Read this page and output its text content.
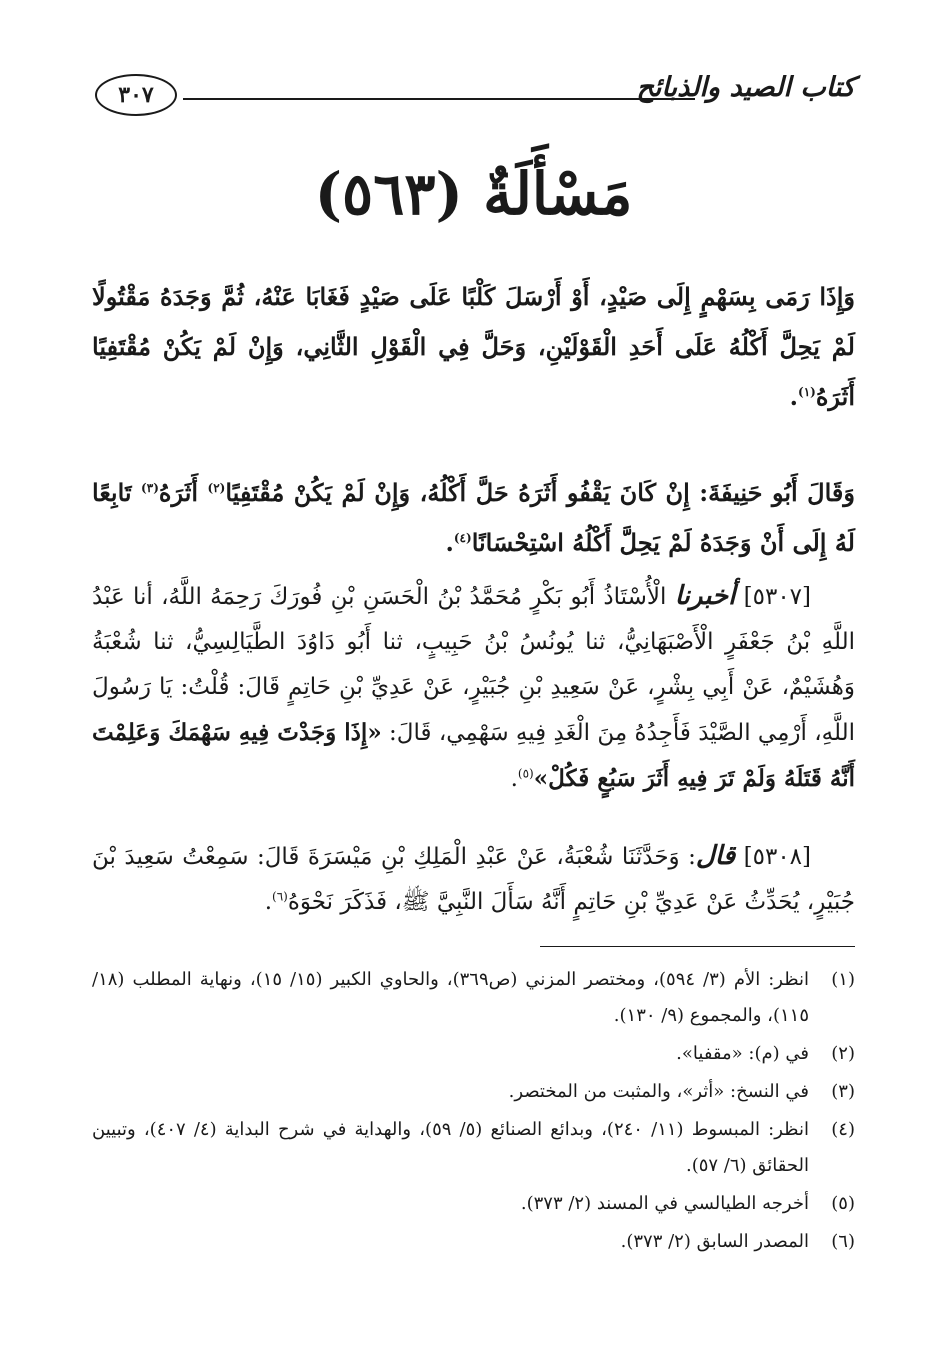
كتاب الصيد والذبائح
٣٠٧
مَسْأَلَةٌ (٥٦٣)
وَإِذَا رَمَى بِسَهْمٍ إِلَى صَيْدٍ، أَوْ أَرْسَلَ كَلْبًا عَلَى صَيْدٍ فَغَابَا عَنْهُ، ثُمَّ وَجَدَهُ مَقْتُولًا لَمْ يَحِلَّ أَكْلُهُ عَلَى أَحَدِ الْقَوْلَيْنِ، وَحَلَّ فِي الْقَوْلِ الثَّانِي، وَإِنْ لَمْ يَكُنْ مُقْتَفِيًا أَثَرَهُ$^{(١)}$.
وَقَالَ أَبُو حَنِيفَةَ: إِنْ كَانَ يَقْفُو أَثَرَهُ حَلَّ أَكْلُهُ، وَإِنْ لَمْ يَكُنْ مُقْتَفِيًا$^{(٢)}$ أَثَرَهُ$^{(٣)}$ تَابِعًا لَهُ إِلَى أَنْ وَجَدَهُ لَمْ يَحِلَّ أَكْلُهُ اسْتِحْسَانًا$^{(٤)}$.
[٥٣٠٧] أخبرنا الْأُسْتَاذُ أَبُو بَكْرٍ مُحَمَّدُ بْنُ الْحَسَنِ بْنِ فُورَكَ رَحِمَهُ اللَّهُ، أنا عَبْدُ اللَّهِ بْنُ جَعْفَرٍ الْأَصْبَهَانِيُّ، ثنا يُونُسُ بْنُ حَبِيبٍ، ثنا أَبُو دَاوُدَ الطَّيَالِسِيُّ، ثنا شُعْبَةُ وَهُشَيْمٌ، عَنْ أَبِي بِشْرٍ، عَنْ سَعِيدِ بْنِ جُبَيْرٍ، عَنْ عَدِيِّ بْنِ حَاتِمٍ قَالَ: قُلْتُ: يَا رَسُولَ اللَّهِ، أَرْمِي الصَّيْدَ فَأَجِدُهُ مِنَ الْغَدِ فِيهِ سَهْمِي، قَالَ: «إِذَا وَجَدْتَ فِيهِ سَهْمَكَ وَعَلِمْتَ أَنَّهُ قَتَلَهُ وَلَمْ تَرَ فِيهِ أَثَرَ سَبُعٍ فَكُلْ»$^{(٥)}$.
[٥٣٠٨] قال: وَحَدَّثَنَا شُعْبَةُ، عَنْ عَبْدِ الْمَلِكِ بْنِ مَيْسَرَةَ قَالَ: سَمِعْتُ سَعِيدَ بْنَ جُبَيْرٍ، يُحَدِّثُ عَنْ عَدِيِّ بْنِ حَاتِمٍ أَنَّهُ سَأَلَ النَّبِيَّ ﷺ، فَذَكَرَ نَحْوَهُ$^{(٦)}$.
(١)
انظر: الأم (٣/ ٥٩٤)، ومختصر المزني (ص٣٦٩)، والحاوي الكبير (١٥/ ١٥)، ونهاية المطلب (١٨/ ١١٥)، والمجموع (٩/ ١٣٠).
(٢)
في (م): «مقفيا».
(٣)
في النسخ: «أثر»، والمثبت من المختصر.
(٤)
انظر: المبسوط (١١/ ٢٤٠)، وبدائع الصنائع (٥/ ٥٩)، والهداية في شرح البداية (٤/ ٤٠٧)، وتبيين الحقائق (٦/ ٥٧).
(٥)
أخرجه الطيالسي في المسند (٢/ ٣٧٣).
(٦)
المصدر السابق (٢/ ٣٧٣).
